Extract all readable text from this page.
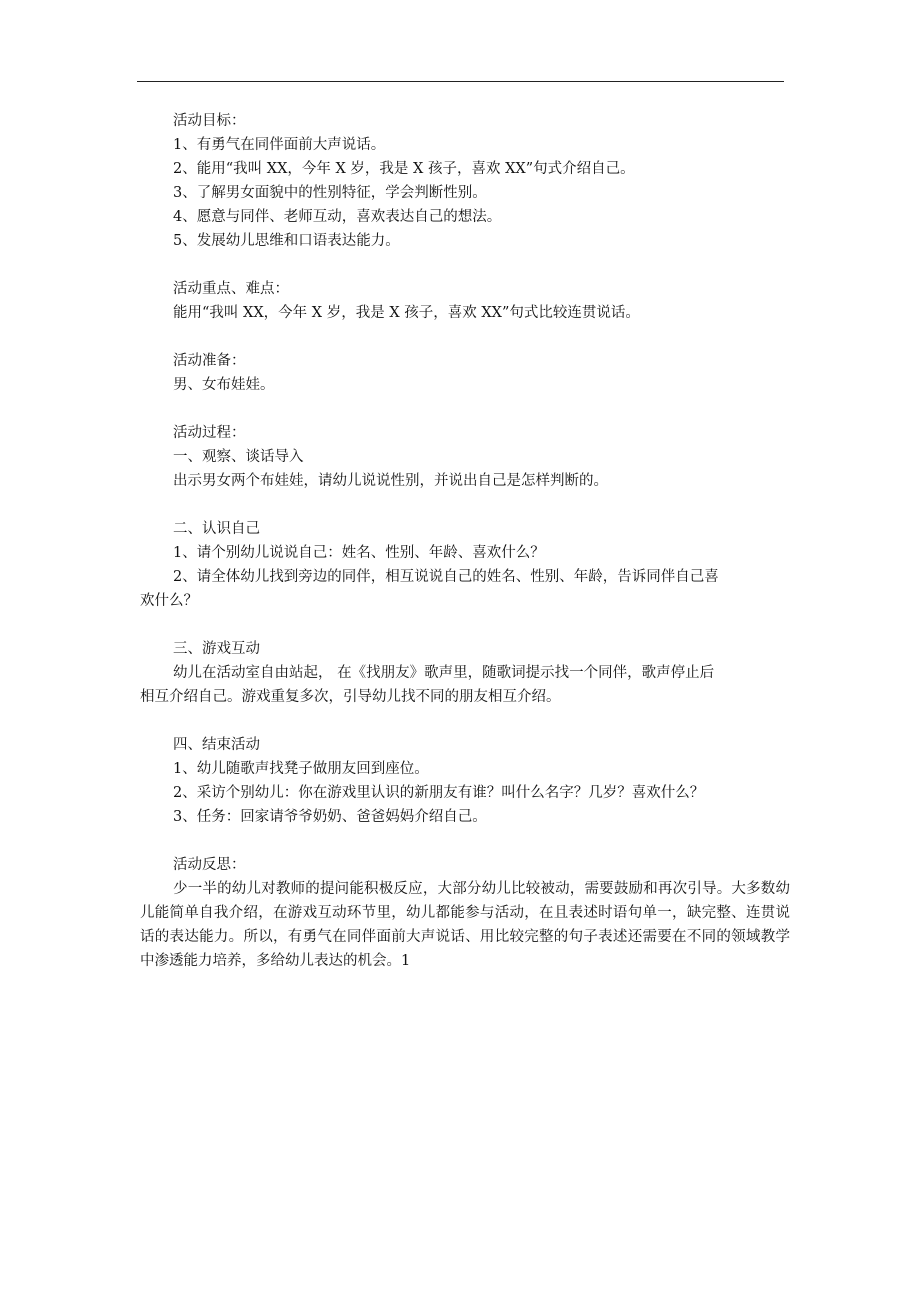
活动目标：
1、有勇气在同伴面前大声说话。
2、能用“我叫 XX，今年 X 岁，我是 X 孩子，喜欢 XX”句式介绍自己。
3、了解男女面貌中的性别特征，学会判断性别。
4、愿意与同伴、老师互动，喜欢表达自己的想法。
5、发展幼儿思维和口语表达能力。
活动重点、难点：
能用“我叫 XX，今年 X 岁，我是 X 孩子，喜欢 XX”句式比较连贯说话。
活动准备：
男、女布娃娃。
活动过程：
一、观察、谈话导入
出示男女两个布娃娃，请幼儿说说性别，并说出自己是怎样判断的。
二、认识自己
1、请个别幼儿说说自己：姓名、性别、年龄、喜欢什么？
2、请全体幼儿找到旁边的同伴，相互说说自己的姓名、性别、年龄，告诉同伴自己喜
欢什么？
三、游戏互动
幼儿在活动室自由站起， 在《找朋友》歌声里，随歌词提示找一个同伴，歌声停止后
相互介绍自己。游戏重复多次，引导幼儿找不同的朋友相互介绍。
四、结束活动
1、幼儿随歌声找凳子做朋友回到座位。
2、采访个别幼儿：你在游戏里认识的新朋友有谁？叫什么名字？几岁？喜欢什么？
3、任务：回家请爷爷奶奶、爸爸妈妈介绍自己。
活动反思：

少一半的幼儿对教师的提问能积极反应，大部分幼儿比较被动，需要鼓励和再次引导。大多数幼儿能简单自我介绍，在游戏互动环节里，幼儿都能参与活动，在且表述时语句单一，缺完整、连贯说话的表达能力。所以，有勇气在同伴面前大声说话、用比较完整的句子表述还需要在不同的领域教学中渗透能力培养，多给幼儿表达的机会。1
